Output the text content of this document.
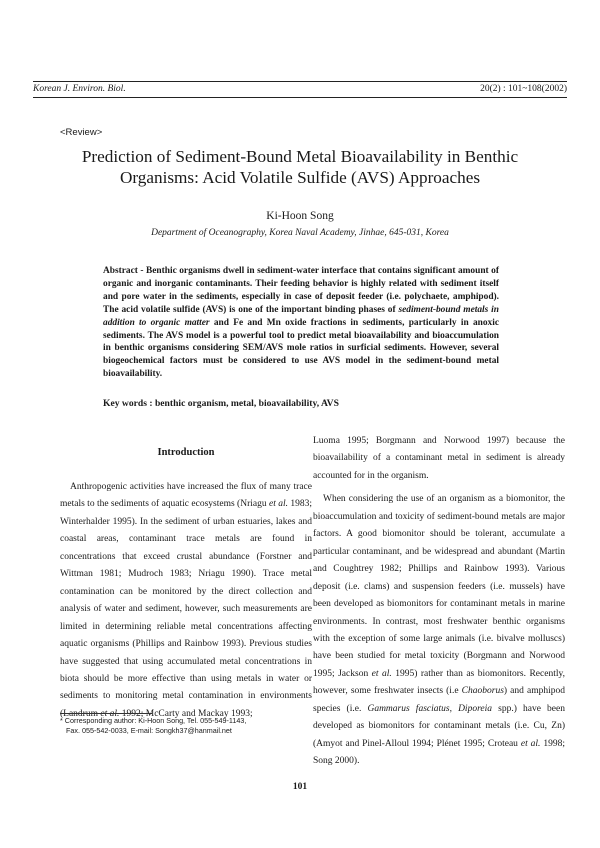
Korean J. Environ. Biol.	20(2) : 101~108(2002)
<Review>
Prediction of Sediment-Bound Metal Bioavailability in Benthic
Organisms: Acid Volatile Sulfide (AVS) Approaches
Ki-Hoon Song
Department of Oceanography, Korea Naval Academy, Jinhae, 645-031, Korea

Abstract - Benthic organisms dwell in sediment-water interface that contains significant amount of organic and inorganic contaminants. Their feeding behavior is highly related with sediment itself and pore water in the sediments, especially in case of deposit feeder (i.e. polychaete, amphipod). The acid volatile sulfide (AVS) is one of the important binding phases of sediment-bound metals in addition to organic matter and Fe and Mn oxide fractions in sediments, particularly in anoxic sediments. The AVS model is a powerful tool to predict metal bioavailability and bioaccumulation in benthic organisms considering SEM/AVS mole ratios in surficial sediments. However, several biogeochemical factors must be considered to use AVS model in the sediment-bound metal bioavailability.

Key words : benthic organism, metal, bioavailability, AVS
Introduction

Anthropogenic activities have increased the flux of many trace metals to the sediments of aquatic ecosystems (Nriagu et al. 1983; Winterhalder 1995). In the sediment of urban estuaries, lakes and coastal areas, contaminant trace metals are found in concentrations that exceed crustal abundance (Forstner and Wittman 1981; Mudroch 1983; Nriagu 1990). Trace metal contamination can be monitored by the direct collection and analysis of water and sediment, however, such measurements are limited in determining reliable metal concentrations affecting aquatic organisms (Phillips and Rainbow 1993). Previous studies have suggested that using accumulated metal concentrations in biota should be more effective than using metals in water or sediments to monitoring metal contamination in environments (Landrum et al. 1992; McCarty and Mackay 1993;

Luoma 1995; Borgmann and Norwood 1997) because the bioavailability of a contaminant metal in sediment is already accounted for in the organism.

When considering the use of an organism as a biomonitor, the bioaccumulation and toxicity of sediment-bound metals are major factors. A good biomonitor should be tolerant, accumulate a particular contaminant, and be widespread and abundant (Martin and Coughtrey 1982; Phillips and Rainbow 1993). Various deposit (i.e. clams) and suspension feeders (i.e. mussels) have been developed as biomonitors for contaminant metals in marine environments. In contrast, most freshwater benthic organisms with the exception of some large animals (i.e. bivalve molluscs) have been studied for metal toxicity (Borgmann and Norwood 1995; Jackson et al. 1995) rather than as biomonitors. Recently, however, some freshwater insects (i.e Chaoborus) and amphipod species (i.e. Gammarus fasciatus, Diporeia spp.) have been developed as biomonitors for contaminant metals (i.e. Cu, Zn) (Amyot and Pinel-Alloul 1994; Plénet 1995; Croteau et al. 1998; Song 2000).

* Corresponding author: Ki-Hoon Song, Tel. 055-549-1143,
Fax. 055-542-0033, E-mail: Songkh37@hanmail.net
101
